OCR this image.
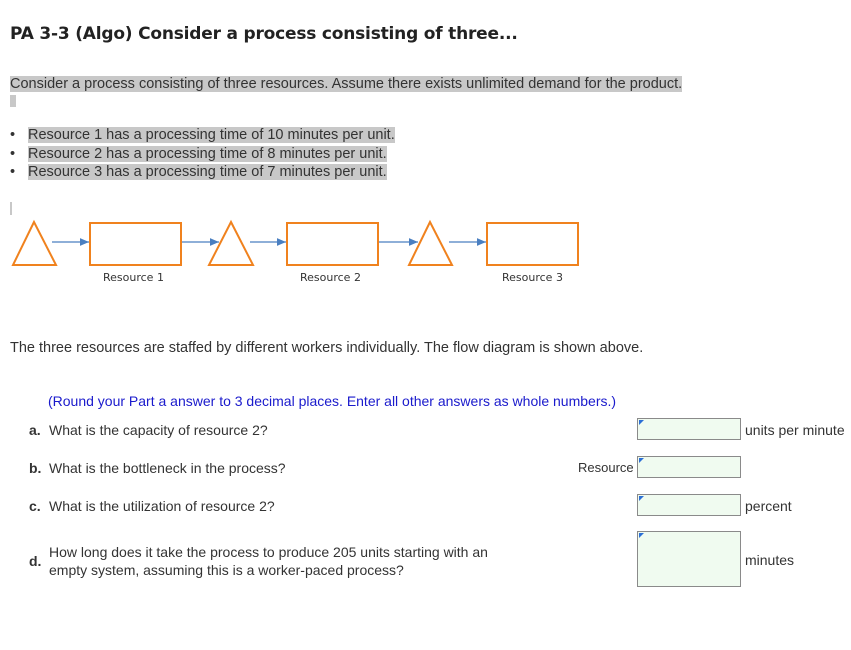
PA 3-3 (Algo) Consider a process consisting of three...
Consider a process consisting of three resources. Assume there exists unlimited demand for the product.
• Resource 1 has a processing time of 10 minutes per unit.
• Resource 2 has a processing time of 8 minutes per unit.
• Resource 3 has a processing time of 7 minutes per unit.
Resource 1	Resource 2	Resource 3
The three resources are staffed by different workers individually. The flow diagram is shown above.
(Round your Part a answer to 3 decimal places. Enter all other answers as whole numbers.)
a. What is the capacity of resource 2?	units per minute
b. What is the bottleneck in the process?	Resource
c. What is the utilization of resource 2?	percent
d.
How long does it take the process to produce 205 units starting with an
empty system, assuming this is a worker-paced process?
minutes
